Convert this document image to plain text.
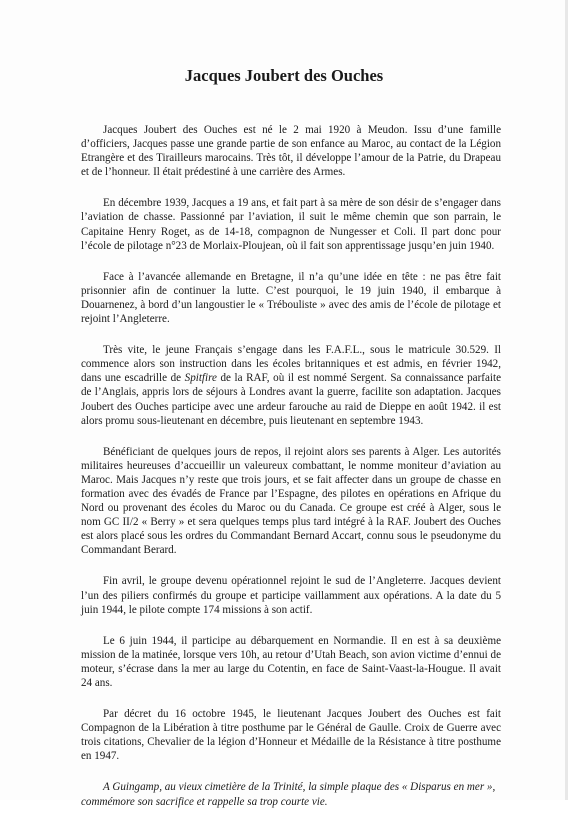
Jacques Joubert des Ouches

Jacques Joubert des Ouches est né le 2 mai 1920 à Meudon. Issu d’une famille d’officiers, Jacques passe une grande partie de son enfance au Maroc, au contact de la Légion Etrangère et des Tirailleurs marocains. Très tôt, il développe l’amour de la Patrie, du Drapeau et de l’honneur. Il était prédestiné à une carrière des Armes.

En décembre 1939, Jacques a 19 ans, et fait part à sa mère de son désir de s’engager dans l’aviation de chasse. Passionné par l’aviation, il suit le même chemin que son parrain, le Capitaine Henry Roget, as de 14-18, compagnon de Nungesser et Coli. Il part donc pour l’école de pilotage n°23 de Morlaix-Ploujean, où il fait son apprentissage jusqu’en juin 1940.

Face à l’avancée allemande en Bretagne, il n’a qu’une idée en tête : ne pas être fait prisonnier afin de continuer la lutte. C’est pourquoi, le 19 juin 1940, il embarque à Douarnenez, à bord d’un langoustier le « Trébouliste » avec des amis de l’école de pilotage et rejoint l’Angleterre.

Très vite, le jeune Français s’engage dans les F.A.F.L., sous le matricule 30.529. Il commence alors son instruction dans les écoles britanniques et est admis, en février 1942, dans une escadrille de Spitfire de la RAF, où il est nommé Sergent. Sa connaissance parfaite de l’Anglais, appris lors de séjours à Londres avant la guerre, facilite son adaptation. Jacques Joubert des Ouches participe avec une ardeur farouche au raid de Dieppe en août 1942. il est alors promu sous-lieutenant en décembre, puis lieutenant en septembre 1943.

Bénéficiant de quelques jours de repos, il rejoint alors ses parents à Alger. Les autorités militaires heureuses d’accueillir un valeureux combattant, le nomme moniteur d’aviation au Maroc. Mais Jacques n’y reste que trois jours, et se fait affecter dans un groupe de chasse en formation avec des évadés de France par l’Espagne, des pilotes en opérations en Afrique du Nord ou provenant des écoles du Maroc ou du Canada. Ce groupe est créé à Alger, sous le nom GC II/2 « Berry » et sera quelques temps plus tard intégré à la RAF. Joubert des Ouches est alors placé sous les ordres du Commandant Bernard Accart, connu sous le pseudonyme du Commandant Berard.

Fin avril, le groupe devenu opérationnel rejoint le sud de l’Angleterre. Jacques devient l’un des piliers confirmés du groupe et participe vaillamment aux opérations. A la date du 5 juin 1944, le pilote compte 174 missions à son actif.

Le 6 juin 1944, il participe au débarquement en Normandie. Il en est à sa deuxième mission de la matinée, lorsque vers 10h, au retour d’Utah Beach, son avion victime d’ennui de moteur, s’écrase dans la mer au large du Cotentin, en face de Saint-Vaast-la-Hougue. Il avait 24 ans.

Par décret du 16 octobre 1945, le lieutenant Jacques Joubert des Ouches est fait Compagnon de la Libération à titre posthume par le Général de Gaulle. Croix de Guerre avec trois citations, Chevalier de la légion d’Honneur et Médaille de la Résistance à titre posthume en 1947.

A Guingamp, au vieux cimetière de la Trinité, la simple plaque des « Disparus en mer », commémore son sacrifice et rappelle sa trop courte vie.
